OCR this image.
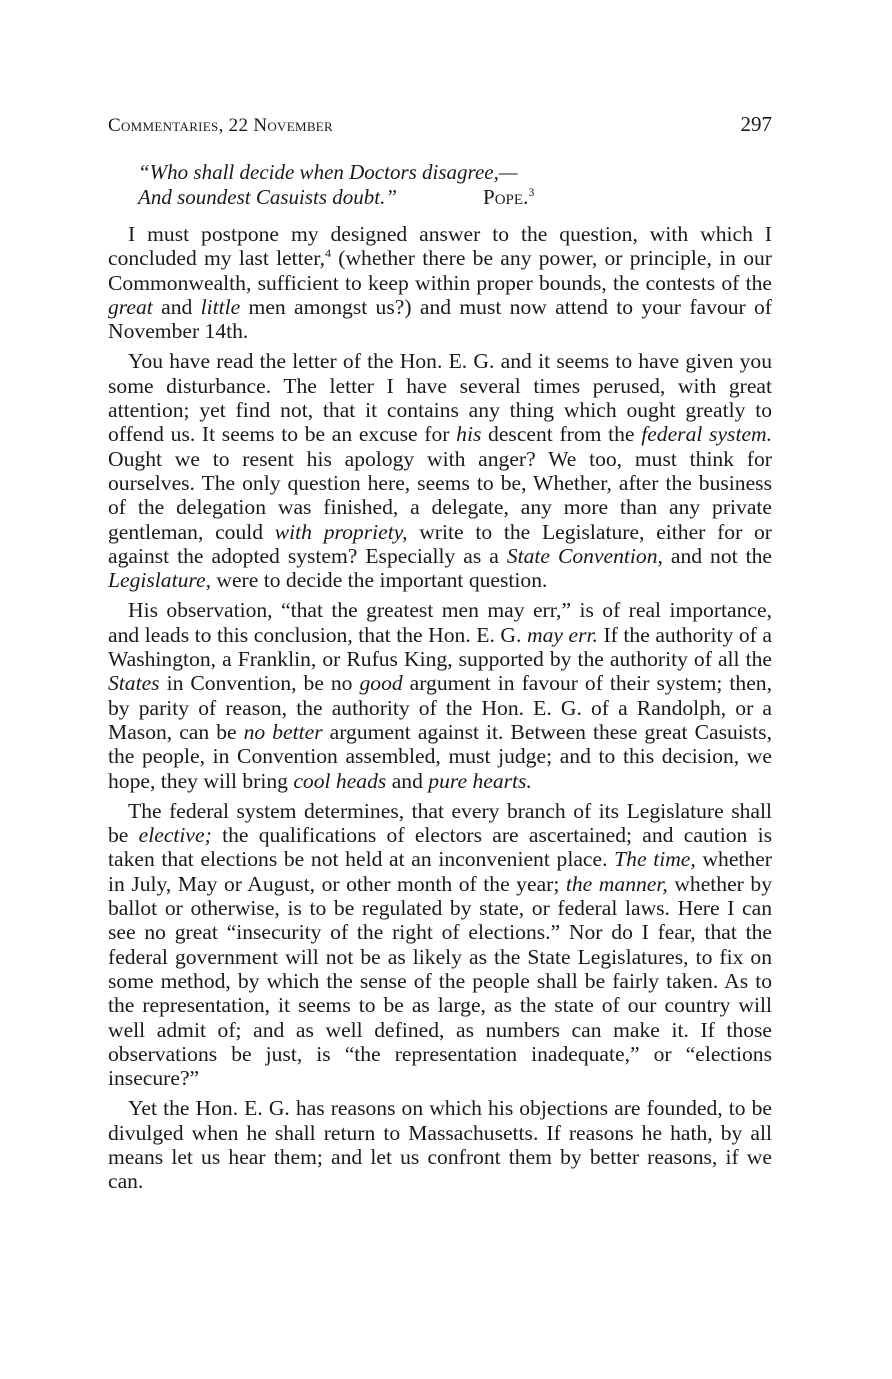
Commentaries, 22 November	297
“Who shall decide when Doctors disagree,—
And soundest Casuists doubt.”	Pope.$^3$

I must postpone my designed answer to the question, with which I concluded my last letter,$^4$ (whether there be any power, or principle, in our Commonwealth, sufficient to keep within proper bounds, the contests of the great and little men amongst us?) and must now attend to your favour of November 14th.

You have read the letter of the Hon. E. G. and it seems to have given you some disturbance. The letter I have several times perused, with great attention; yet find not, that it contains any thing which ought greatly to offend us. It seems to be an excuse for his descent from the federal system. Ought we to resent his apology with anger? We too, must think for ourselves. The only question here, seems to be, Whether, after the business of the delegation was finished, a delegate, any more than any private gentleman, could with propriety, write to the Legislature, either for or against the adopted system? Especially as a State Convention, and not the Legislature, were to decide the important question.

His observation, “that the greatest men may err,” is of real importance, and leads to this conclusion, that the Hon. E. G. may err. If the authority of a Washington, a Franklin, or Rufus King, supported by the authority of all the States in Convention, be no good argument in favour of their system; then, by parity of reason, the authority of the Hon. E. G. of a Randolph, or a Mason, can be no better argument against it. Between these great Casuists, the people, in Convention assembled, must judge; and to this decision, we hope, they will bring cool heads and pure hearts.

The federal system determines, that every branch of its Legislature shall be elective; the qualifications of electors are ascertained; and caution is taken that elections be not held at an inconvenient place. The time, whether in July, May or August, or other month of the year; the manner, whether by ballot or otherwise, is to be regulated by state, or federal laws. Here I can see no great “insecurity of the right of elections.” Nor do I fear, that the federal government will not be as likely as the State Legislatures, to fix on some method, by which the sense of the people shall be fairly taken. As to the representation, it seems to be as large, as the state of our country will well admit of; and as well defined, as numbers can make it. If those observations be just, is “the representation inadequate,” or “elections insecure?”

Yet the Hon. E. G. has reasons on which his objections are founded, to be divulged when he shall return to Massachusetts. If reasons he hath, by all means let us hear them; and let us confront them by better reasons, if we can.
